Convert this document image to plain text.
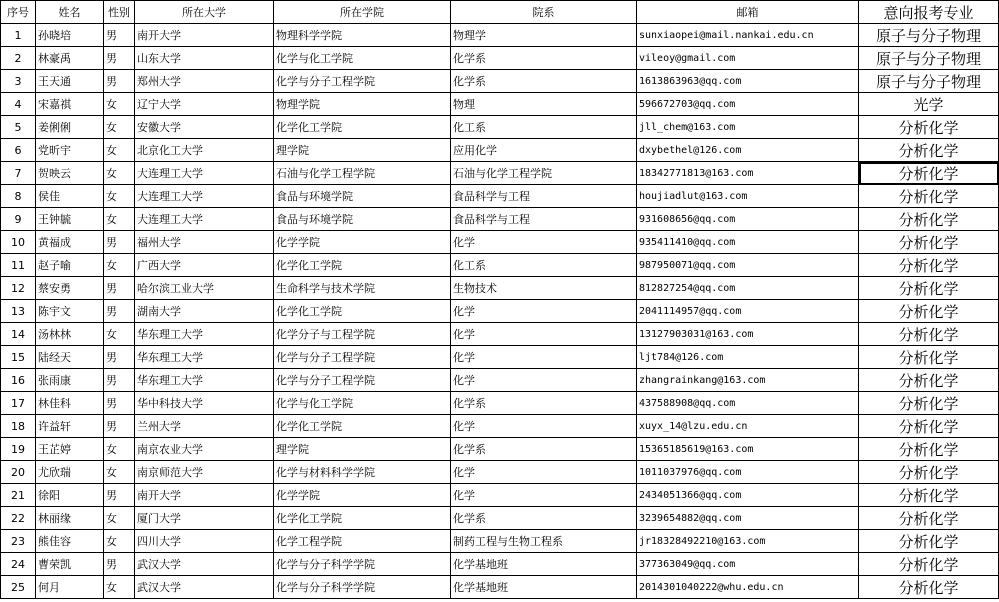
序号	姓名	性别	所在大学	所在学院	院系	邮箱	意向报考专业
1	孙晓培	男	南开大学	物理科学学院	物理学	sunxiaopei@mail.nankai.edu.cn	原子与分子物理
2	林豪禹	男	山东大学	化学与化工学院	化学系	vileoy@gmail.com	原子与分子物理
3	王天通	男	郑州大学	化学与分子工程学院	化学系	1613863963@qq.com	原子与分子物理
4	宋嘉祺	女	辽宁大学	物理学院	物理	596672703@qq.com	光学
5	姜俐俐	女	安徽大学	化学化工学院	化工系	jll_chem@163.com	分析化学
6	党昕宇	女	北京化工大学	理学院	应用化学	dxybethel@126.com	分析化学
7	贺映云	女	大连理工大学	石油与化学工程学院	石油与化学工程学院	18342771813@163.com	分析化学
8	侯佳	女	大连理工大学	食品与环境学院	食品科学与工程	houjiadlut@163.com	分析化学
9	王钟毓	女	大连理工大学	食品与环境学院	食品科学与工程	931608656@qq.com	分析化学
10	黄福成	男	福州大学	化学学院	化学	935411410@qq.com	分析化学
11	赵子喻	女	广西大学	化学化工学院	化工系	987950071@qq.com	分析化学
12	蔡安勇	男	哈尔滨工业大学	生命科学与技术学院	生物技术	812827254@qq.com	分析化学
13	陈宇文	男	湖南大学	化学化工学院	化学	2041114957@qq.com	分析化学
14	汤林林	女	华东理工大学	化学分子与工程学院	化学	13127903031@163.com	分析化学
15	陆经天	男	华东理工大学	化学与分子工程学院	化学	ljt784@126.com	分析化学
16	张雨康	男	华东理工大学	化学与分子工程学院	化学	zhangrainkang@163.com	分析化学
17	林佳科	男	华中科技大学	化学与化工学院	化学系	437588908@qq.com	分析化学
18	许益轩	男	兰州大学	化学化工学院	化学	xuyx_14@lzu.edu.cn	分析化学
19	王芷婷	女	南京农业大学	理学院	化学系	15365185619@163.com	分析化学
20	尤欣瑞	女	南京师范大学	化学与材料科学学院	化学	1011037976@qq.com	分析化学
21	徐阳	男	南开大学	化学学院	化学	2434051366@qq.com	分析化学
22	林丽缘	女	厦门大学	化学化工学院	化学系	3239654882@qq.com	分析化学
23	熊佳容	女	四川大学	化学工程学院	制药工程与生物工程系	jr18328492210@163.com	分析化学
24	曹荣凯	男	武汉大学	化学与分子科学学院	化学基地班	377363049@qq.com	分析化学
25	何月	女	武汉大学	化学与分子科学学院	化学基地班	2014301040222@whu.edu.cn	分析化学
